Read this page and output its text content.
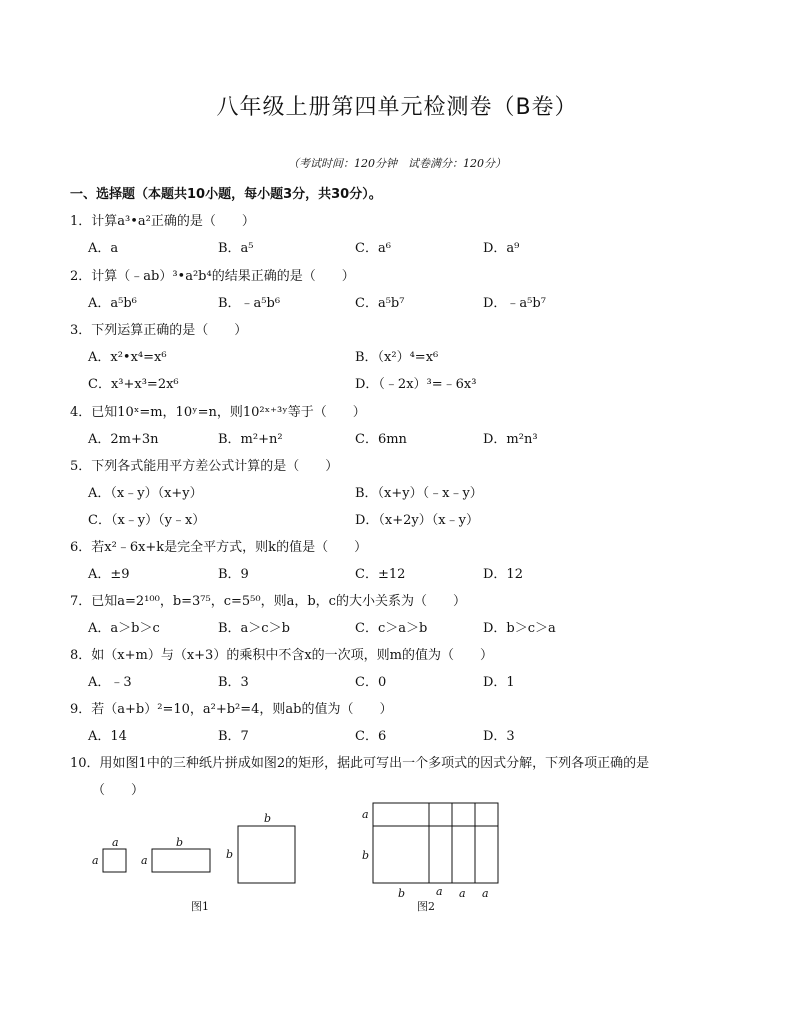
八年级上册第四单元检测卷（B卷）
（考试时间：120分钟　试卷满分：120分）
一、选择题（本题共10小题，每小题3分，共30分）。
1．计算a³•a²正确的是（　　）
A．a	B．a⁵	C．a⁶	D．a⁹
2．计算（﹣ab）³•a²b⁴的结果正确的是（　　）
A．a⁵b⁶	B．﹣a⁵b⁶	C．a⁵b⁷	D．﹣a⁵b⁷
3．下列运算正确的是（　　）
A．x²•x⁴=x⁶	B．（x²）⁴=x⁶
C．x³+x³=2x⁶	D．（﹣2x）³=﹣6x³
4．已知10ˣ=m，10ʸ=n，则10²ˣ⁺³ʸ等于（　　）
A．2m+3n	B．m²+n²	C．6mn	D．m²n³
5．下列各式能用平方差公式计算的是（　　）
A．（x﹣y）（x+y）	B．（x+y）（﹣x﹣y）
C．（x﹣y）（y﹣x）	D．（x+2y）（x﹣y）
6．若x²﹣6x+k是完全平方式，则k的值是（　　）
A．±9	B．9	C．±12	D．12
7．已知a=2¹⁰⁰，b=3⁷⁵，c=5⁵⁰，则a，b，c的大小关系为（　　）
A．a＞b＞c	B．a＞c＞b	C．c＞a＞b	D．b＞c＞a
8．如（x+m）与（x+3）的乘积中不含x的一次项，则m的值为（　　）
A．﹣3	B．3	C．0	D．1
9．若（a+b）²=10，a²+b²=4，则ab的值为（　　）
A．14	B．7	C．6	D．3
10．用如图1中的三种纸片拼成如图2的矩形，据此可写出一个多项式的因式分解，下列各项正确的是
（　　）
a
a
b
a
b
b
图1
a
b
b	a a a
图2
